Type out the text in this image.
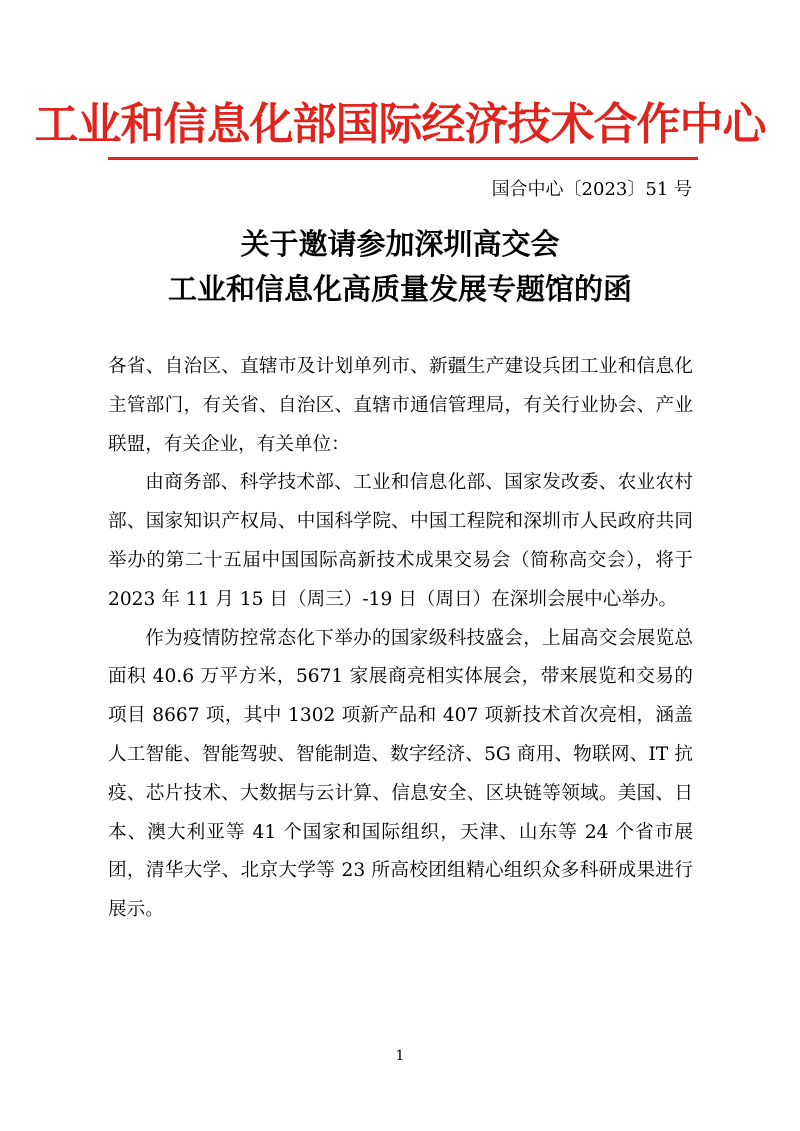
工业和信息化部国际经济技术合作中心
国合中心〔2023〕51 号
关于邀请参加深圳高交会
工业和信息化高质量发展专题馆的函

各省、自治区、直辖市及计划单列市、新疆生产建设兵团工业和信息化主管部门，有关省、自治区、直辖市通信管理局，有关行业协会、产业联盟，有关企业，有关单位：

由商务部、科学技术部、工业和信息化部、国家发改委、农业农村部、国家知识产权局、中国科学院、中国工程院和深圳市人民政府共同举办的第二十五届中国国际高新技术成果交易会（简称高交会），将于 2023 年 11 月 15 日（周三）-19 日（周日）在深圳会展中心举办。

作为疫情防控常态化下举办的国家级科技盛会，上届高交会展览总面积 40.6 万平方米，5671 家展商亮相实体展会，带来展览和交易的项目 8667 项，其中 1302 项新产品和 407 项新技术首次亮相，涵盖人工智能、智能驾驶、智能制造、数字经济、5G 商用、物联网、IT 抗疫、芯片技术、大数据与云计算、信息安全、区块链等领域。美国、日本、澳大利亚等 41 个国家和国际组织，天津、山东等 24 个省市展团，清华大学、北京大学等 23 所高校团组精心组织众多科研成果进行展示。

1
